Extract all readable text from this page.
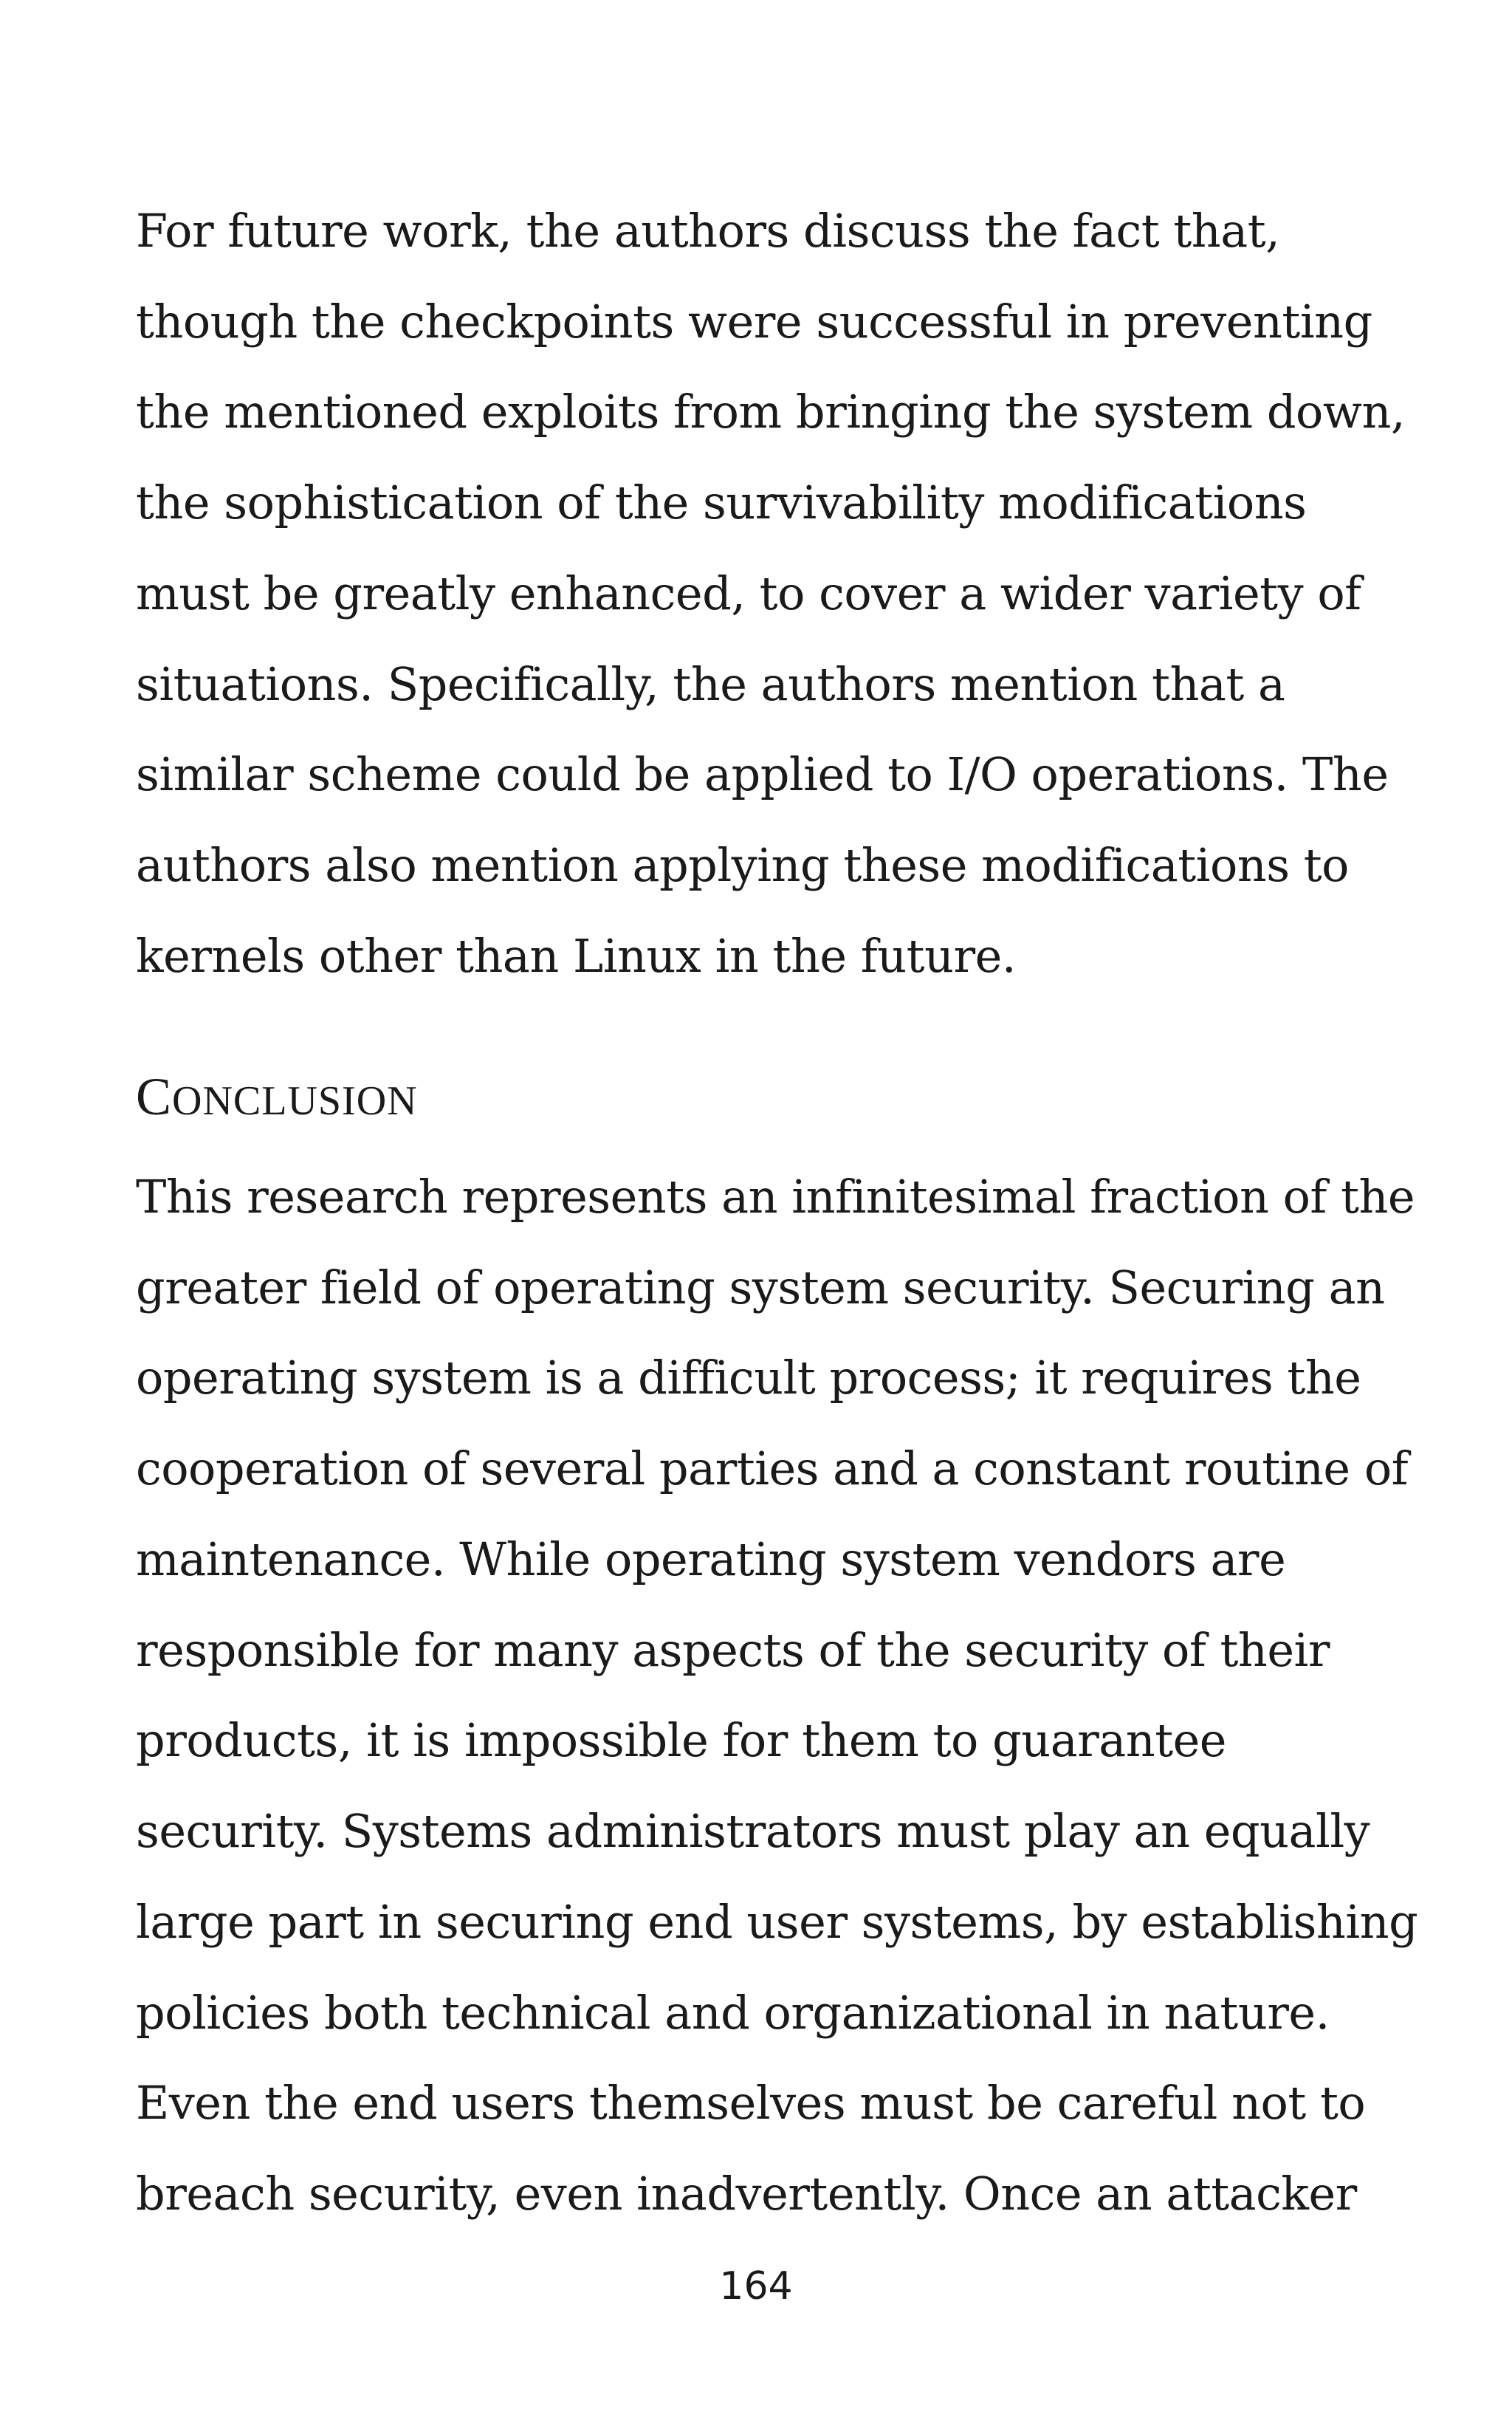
For future work, the authors discuss the fact that,

though the checkpoints were successful in preventing

the mentioned exploits from bringing the system down,

the sophistication of the survivability modifications

must be greatly enhanced, to cover a wider variety of

situations. Specifically, the authors mention that a

similar scheme could be applied to I/O operations. The

authors also mention applying these modifications to

kernels other than Linux in the future.

CONCLUSION

This research represents an infinitesimal fraction of the

greater field of operating system security. Securing an

operating system is a difficult process; it requires the

cooperation of several parties and a constant routine of

maintenance. While operating system vendors are

responsible for many aspects of the security of their

products, it is impossible for them to guarantee

security. Systems administrators must play an equally

large part in securing end user systems, by establishing

policies both technical and organizational in nature.

Even the end users themselves must be careful not to

breach security, even inadvertently. Once an attacker

164
